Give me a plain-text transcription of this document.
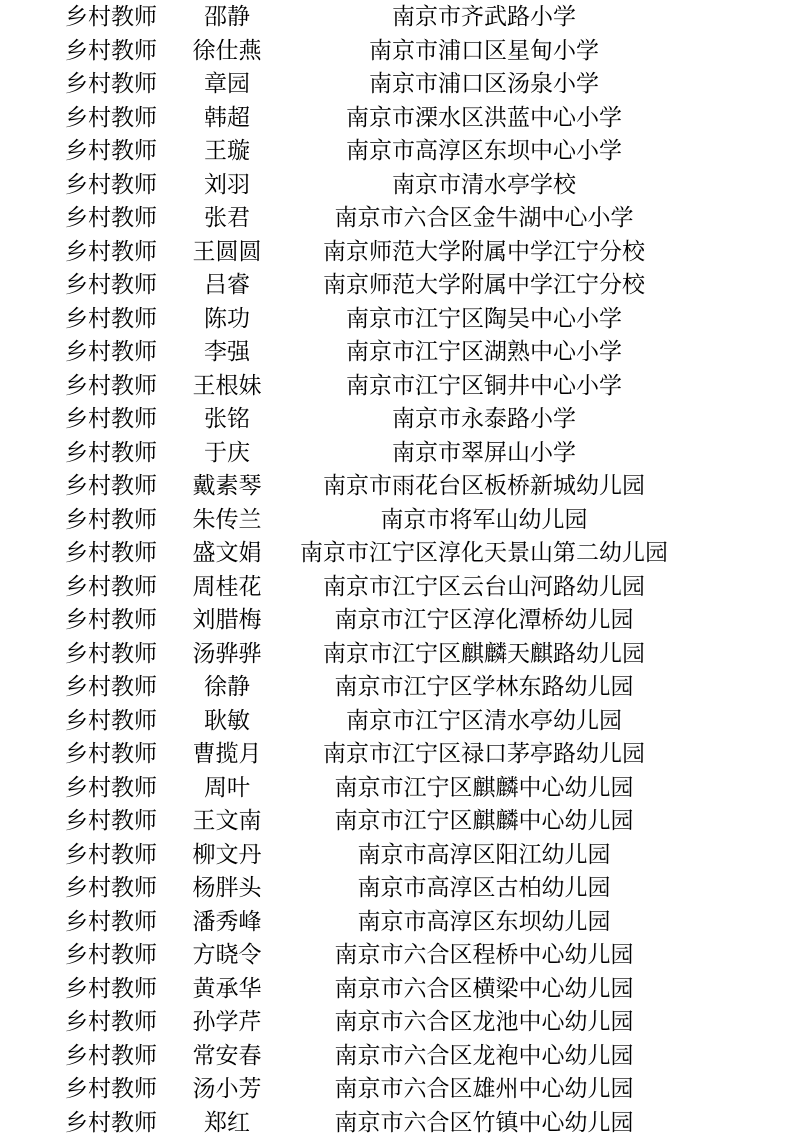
乡村教师	邵静	南京市齐武路小学
乡村教师	徐仕燕	南京市浦口区星甸小学
乡村教师	章园	南京市浦口区汤泉小学
乡村教师	韩超	南京市溧水区洪蓝中心小学
乡村教师	王璇	南京市高淳区东坝中心小学
乡村教师	刘羽	南京市清水亭学校
乡村教师	张君	南京市六合区金牛湖中心小学
乡村教师	王圆圆	南京师范大学附属中学江宁分校
乡村教师	吕睿	南京师范大学附属中学江宁分校
乡村教师	陈功	南京市江宁区陶吴中心小学
乡村教师	李强	南京市江宁区湖熟中心小学
乡村教师	王根妹	南京市江宁区铜井中心小学
乡村教师	张铭	南京市永泰路小学
乡村教师	于庆	南京市翠屏山小学
乡村教师	戴素琴	南京市雨花台区板桥新城幼儿园
乡村教师	朱传兰	南京市将军山幼儿园
乡村教师	盛文娟	南京市江宁区淳化天景山第二幼儿园
乡村教师	周桂花	南京市江宁区云台山河路幼儿园
乡村教师	刘腊梅	南京市江宁区淳化潭桥幼儿园
乡村教师	汤骅骅	南京市江宁区麒麟天麒路幼儿园
乡村教师	徐静	南京市江宁区学林东路幼儿园
乡村教师	耿敏	南京市江宁区清水亭幼儿园
乡村教师	曹揽月	南京市江宁区禄口茅亭路幼儿园
乡村教师	周叶	南京市江宁区麒麟中心幼儿园
乡村教师	王文南	南京市江宁区麒麟中心幼儿园
乡村教师	柳文丹	南京市高淳区阳江幼儿园
乡村教师	杨胖头	南京市高淳区古柏幼儿园
乡村教师	潘秀峰	南京市高淳区东坝幼儿园
乡村教师	方晓令	南京市六合区程桥中心幼儿园
乡村教师	黄承华	南京市六合区横梁中心幼儿园
乡村教师	孙学芹	南京市六合区龙池中心幼儿园
乡村教师	常安春	南京市六合区龙袍中心幼儿园
乡村教师	汤小芳	南京市六合区雄州中心幼儿园
乡村教师	郑红	南京市六合区竹镇中心幼儿园
